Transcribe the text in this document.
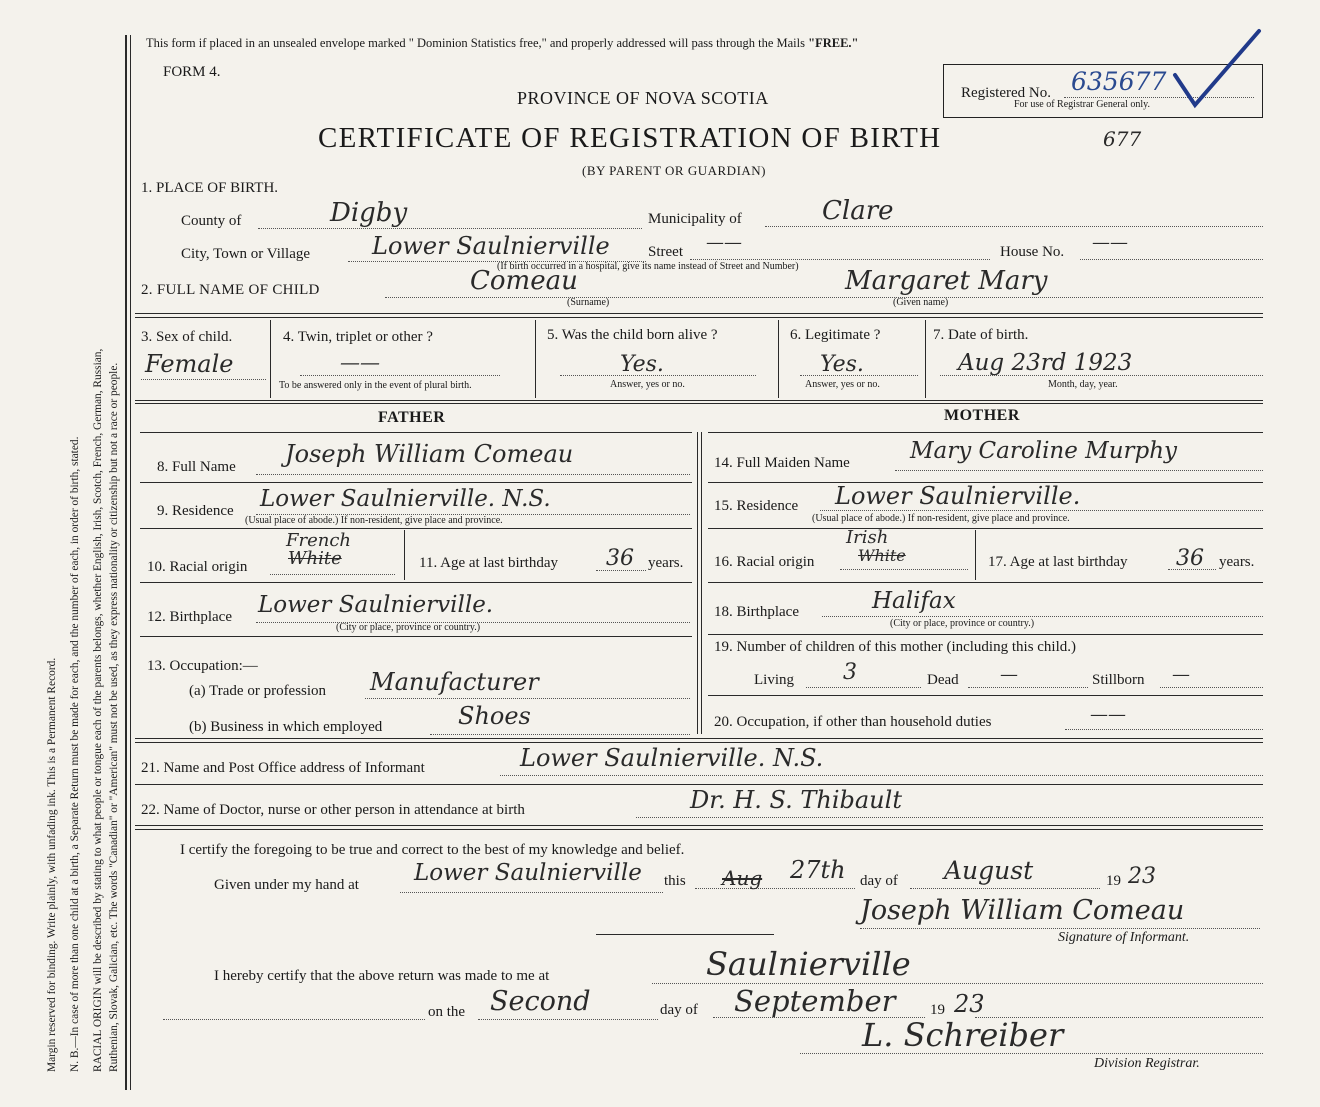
Margin reserved for binding. Write plainly, with unfading ink. This is a Permanent Record. N. B.—In case of more than one child at a birth, a Separate Return must be made for each, and the number of each, in order of birth, stated. RACIAL ORIGIN will be described by stating to what people or tongue each of the parents belongs, whether English, Irish, Scotch, French, German, Russian, Ruthenian, Slovak, Galician, etc. The words "Canadian" or "American" must not be used, as they express nationality or citizenship but not a race or people.
This form if placed in an unsealed envelope marked " Dominion Statistics free," and properly addressed will pass through the Mails "FREE."
FORM 4.
PROVINCE OF NOVA SCOTIA	Registered No. 635677
For use of Registrar General only.
CERTIFICATE OF REGISTRATION OF BIRTH	677
(BY PARENT OR GUARDIAN)
1. PLACE OF BIRTH.
County of	Digby	Municipality of	Clare
City, Town or Village	Lower Saulnierville	Street ——	House No. ——
(If birth occurred in a hospital, give its name instead of Street and Number)
2. FULL NAME OF CHILD	Comeau
(Surname)
Margaret Mary
(Given name)
3. Sex of child.
Female
4. Twin, triplet or other ?
——
To be answered only in the event of plural birth.
5. Was the child born alive ?
Yes.
Answer, yes or no.
6. Legitimate ?
Yes.
Answer, yes or no.
7. Date of birth.
Aug 23rd 1923
Month, day, year.
FATHER	MOTHER
8. Full Name Joseph William Comeau
9. Residence Lower Saulnierville. N.S.
(Usual place of abode.) If non-resident, give place and province.
10. Racial origin
French
White	11. Age at last birthday 36 years.
12. Birthplace Lower Saulnierville.
(City or place, province or country.)
13. Occupation:—
(a) Trade or profession Manufacturer
(b) Business in which employed	Shoes
14. Full Maiden Name	Mary Caroline Murphy
15. Residence Lower Saulnierville.
(Usual place of abode.) If non-resident, give place and province.
16. Racial origin
Irish
White	17. Age at last birthday 36 years.
18. Birthplace	Halifax
(City or place, province or country.)
19. Number of children of this mother (including this child.)
Living 3	Dead —	Stillborn —
20. Occupation, if other than household duties	——
21. Name and Post Office address of Informant	Lower Saulnierville. N.S.
22. Name of Doctor, nurse or other person in attendance at birth	Dr. H. S. Thibault
I certify the foregoing to be true and correct to the best of my knowledge and belief.
Given under my hand at Lower Saulnierville this Aug 27th day of August	19 23
Joseph William Comeau
Signature of Informant.
I hereby certify that the above return was made to me at	Saulnierville
on the Second	day of September 19 23
L. Schreiber
Division Registrar.
